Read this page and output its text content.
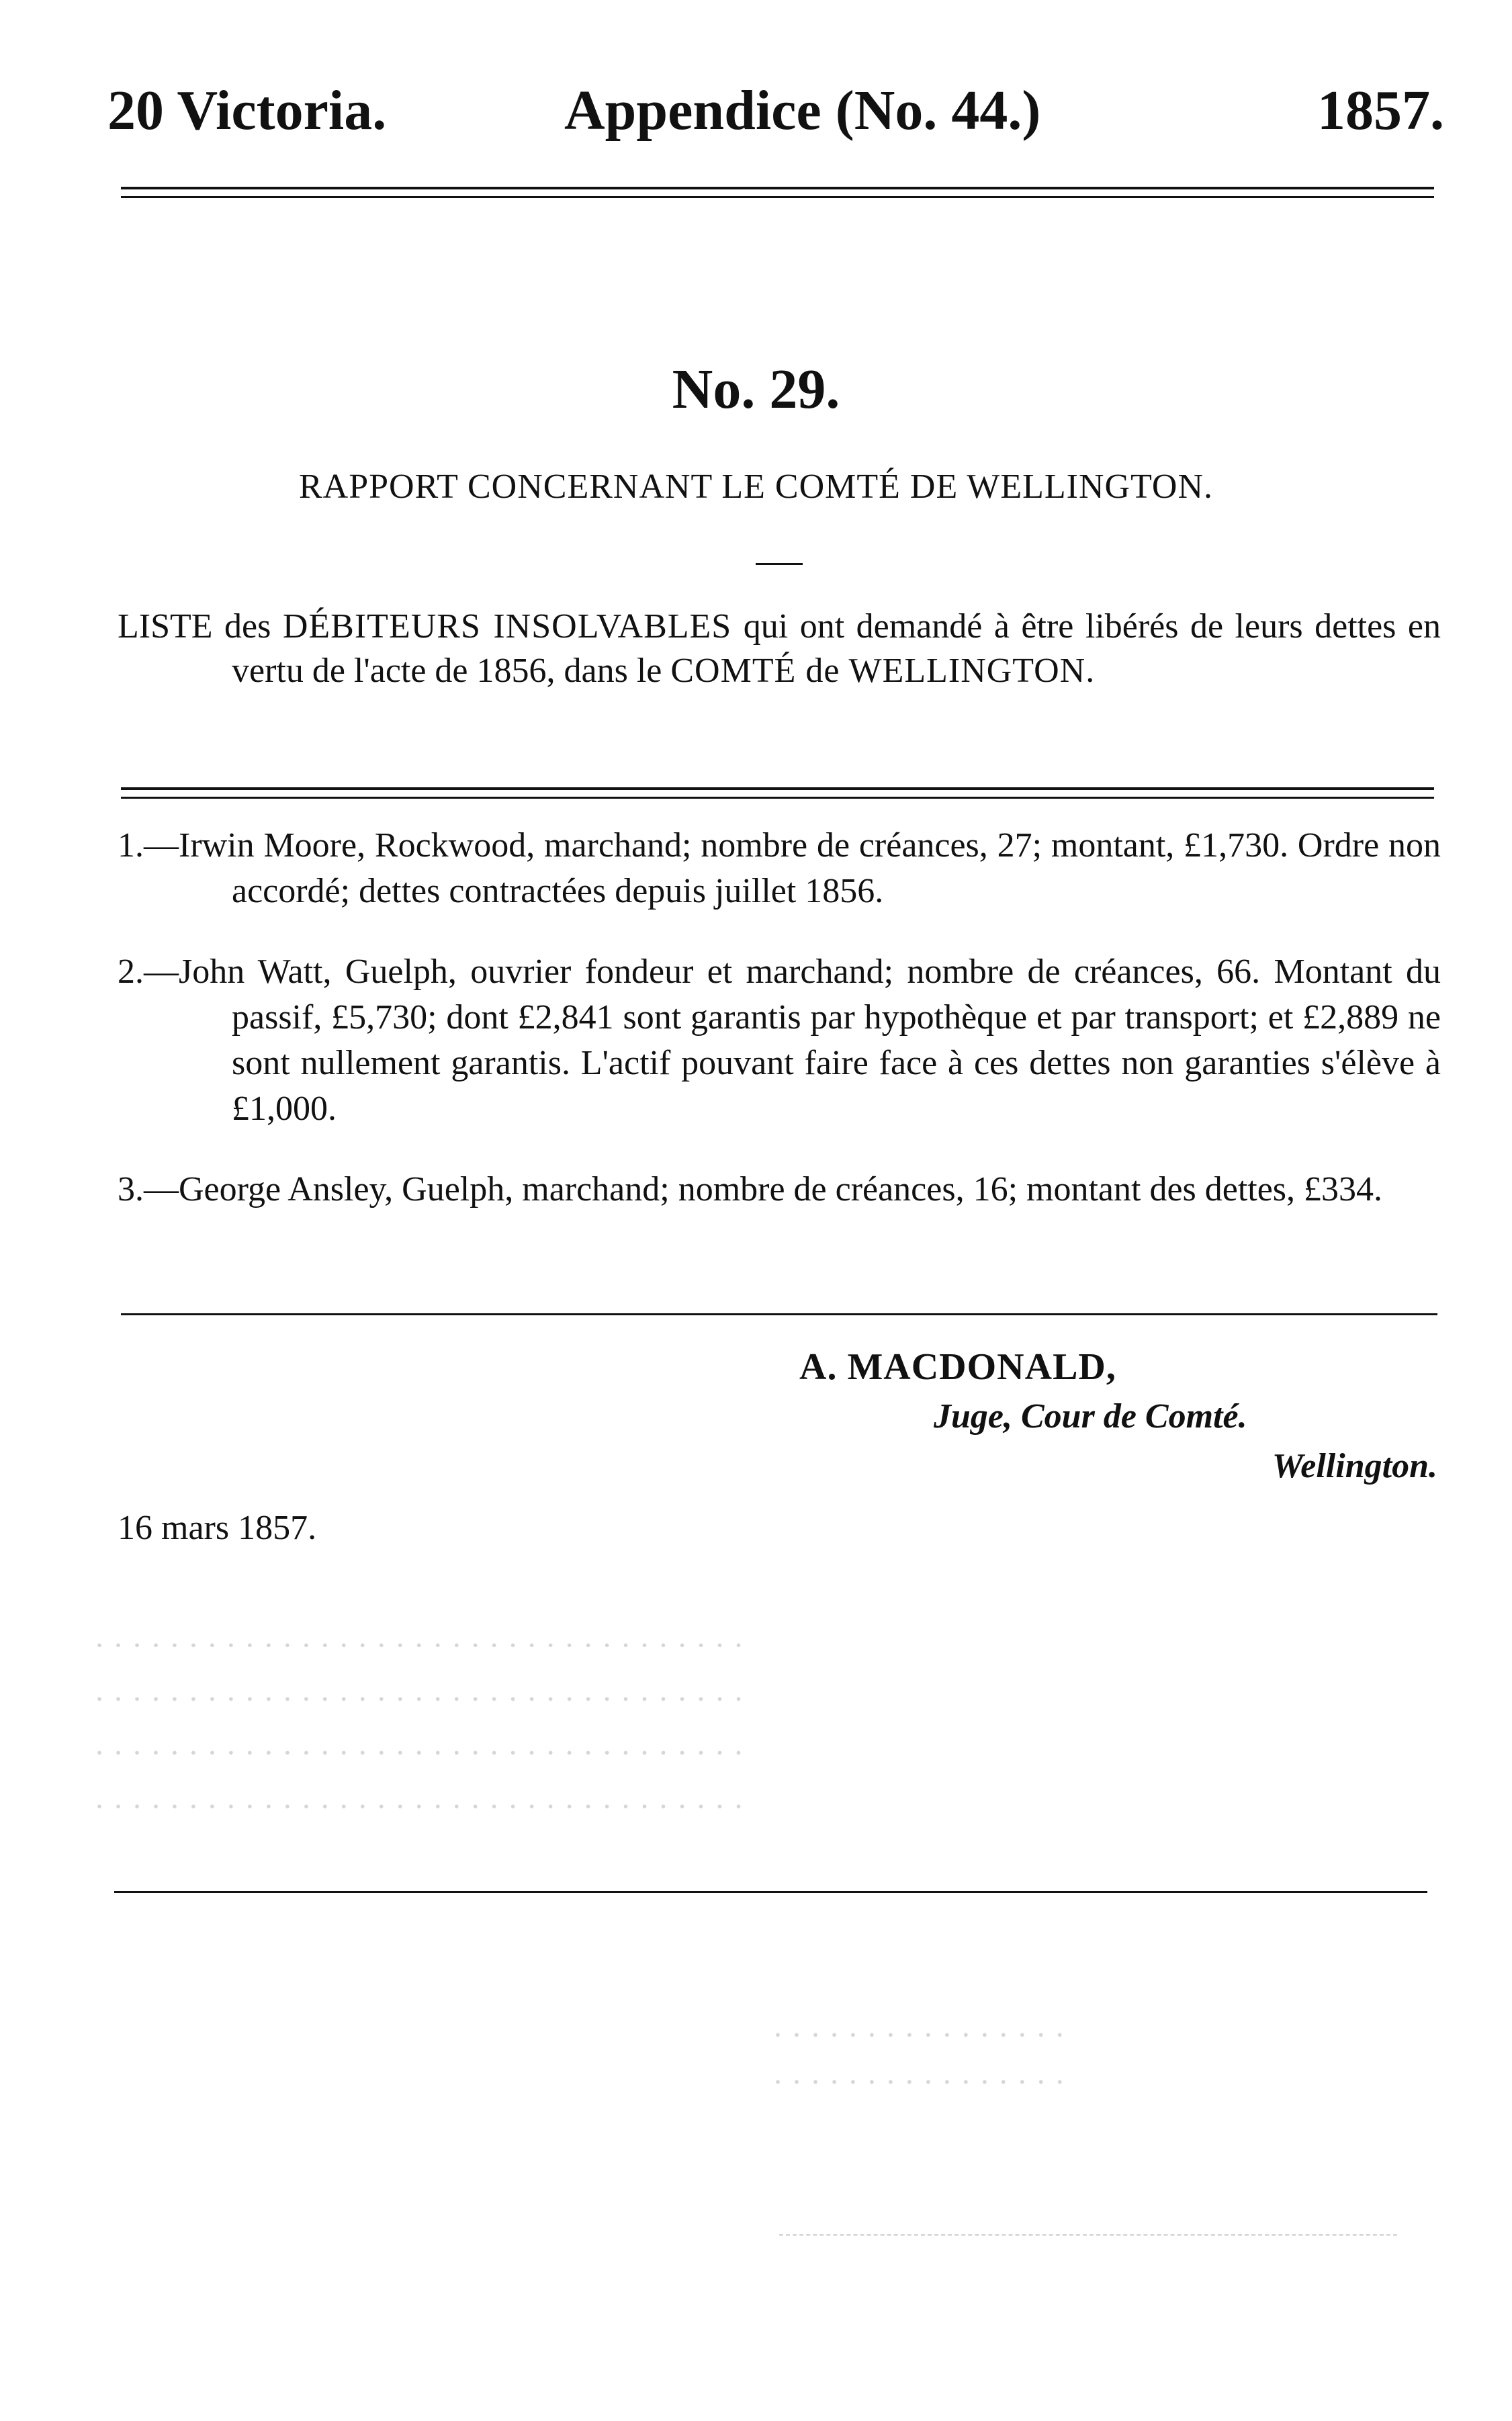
20 Victoria.	Appendice (No. 44.)	1857.
No. 29.
RAPPORT CONCERNANT LE COMTÉ DE WELLINGTON.
LISTE des DÉBITEURS INSOLVABLES qui ont demandé à être libérés de leurs dettes en vertu de l'acte de 1856, dans le COMTÉ de WELLINGTON.

1.—Irwin Moore, Rockwood, marchand; nombre de créances, 27; montant, £1,730. Ordre non accordé; dettes contractées depuis juillet 1856.

2.—John Watt, Guelph, ouvrier fondeur et marchand; nombre de créances, 66. Montant du passif, £5,730; dont £2,841 sont garantis par hypothèque et par transport; et £2,889 ne sont nullement garantis. L'actif pouvant faire face à ces dettes non garanties s'élève à £1,000.

3.—George Ansley, Guelph, marchand; nombre de créances, 16; montant des dettes, £334.

A. MACDONALD,
Juge, Cour de Comté.
Wellington.
16 mars 1857.
· · · · · · · · · · · · · · · · · · · · · · · · · · · · · · · · · · ·
· · · · · · · · · · · · · · · · · · · · · · · · · · · · · · · · · · ·
· · · · · · · · · · · · · · · · · · · · · · · · · · · · · · · · · · ·
· · · · · · · · · · · · · · · · · · · · · · · · · · · · · · · · · · ·
· · · · · · · · · · · · · · · ·
· · · · · · · · · · · · · · · ·
